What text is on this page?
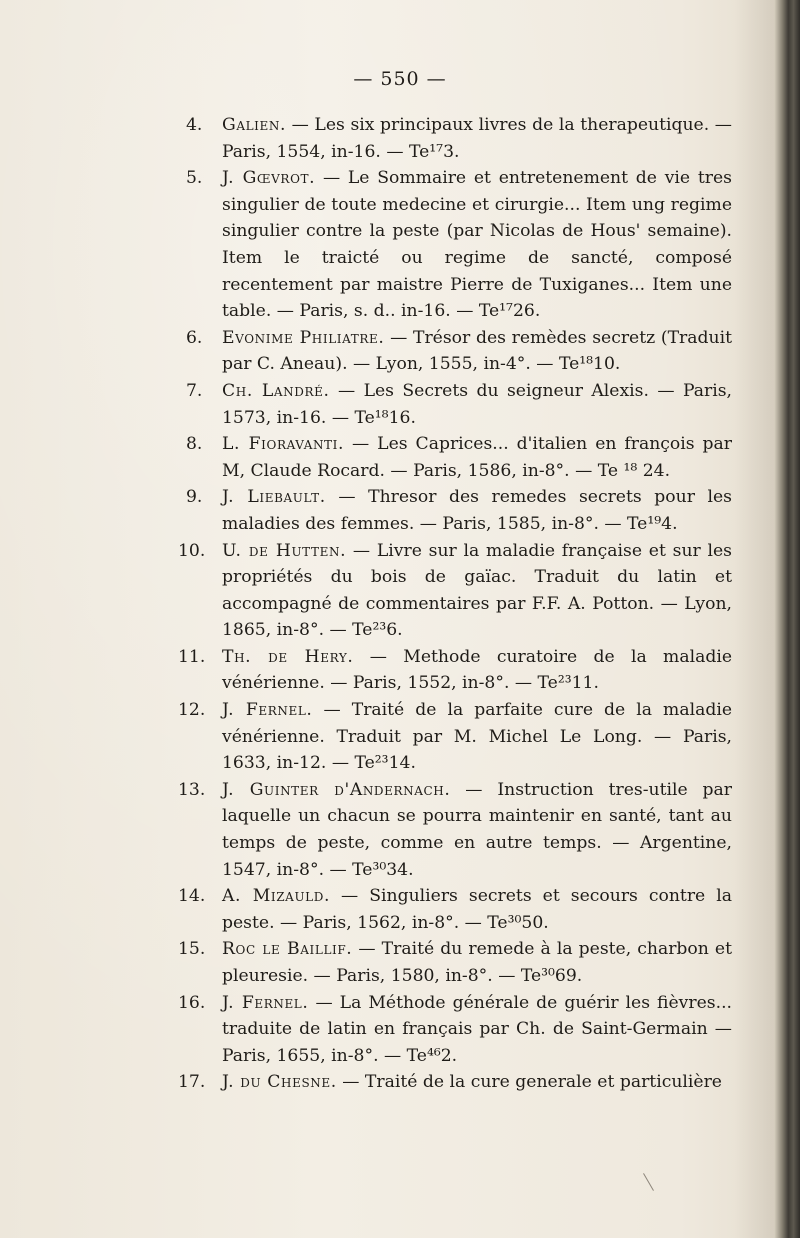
— 550 —
4.	Galien. — Les six principaux livres de la therapeutique. — Paris, 1554, in-16. — Te¹⁷3.
5.	J. Gœvrot. — Le Sommaire et entretenement de vie tres singulier de toute medecine et cirurgie... Item ung regime singulier contre la peste (par Nicolas de Hous' semaine). Item le traicté ou regime de sancté, composé recentement par maistre Pierre de Tuxiganes... Item une table. — Paris, s. d.. in-16. — Te¹⁷26.
6.	Evonime Philiatre. — Trésor des remèdes secretz (Traduit par C. Aneau). — Lyon, 1555, in-4°. — Te¹⁸10.
7.	Ch. Landré. — Les Secrets du seigneur Alexis. — Paris, 1573, in-16. — Te¹⁸16.
8.	L. Fioravanti. — Les Caprices... d'italien en françois par M, Claude Rocard. — Paris, 1586, in-8°. — Te ¹⁸ 24.
9.	J. Liebault. — Thresor des remedes secrets pour les maladies des femmes. — Paris, 1585, in-8°. — Te¹⁹4.
10. U. de Hutten. — Livre sur la maladie française et sur les propriétés du bois de gaïac. Traduit du latin et accompagné de commentaires par F.F. A. Potton. — Lyon, 1865, in-8°. — Te²³6.
11. Th. de Hery. — Methode curatoire de la maladie vénérienne. — Paris, 1552, in-8°. — Te²³11.
12. J. Fernel. — Traité de la parfaite cure de la maladie vénérienne. Traduit par M. Michel Le Long. — Paris, 1633, in-12. — Te²³14.
13. J. Guinter d'Andernach. — Instruction tres-utile par laquelle un chacun se pourra maintenir en santé, tant au temps de peste, comme en autre temps. — Argentine, 1547, in-8°. — Te³⁰34.
14. A. Mizauld. — Singuliers secrets et secours contre la peste. — Paris, 1562, in-8°. — Te³⁰50.
15. Roc le Baillif. — Traité du remede à la peste, charbon et pleuresie. — Paris, 1580, in-8°. — Te³⁰69.
16. J. Fernel. — La Méthode générale de guérir les fièvres... traduite de latin en français par Ch. de Saint-Germain — Paris, 1655, in-8°. — Te⁴⁶2.
17. J. du Chesne. — Traité de la cure generale et particulière
